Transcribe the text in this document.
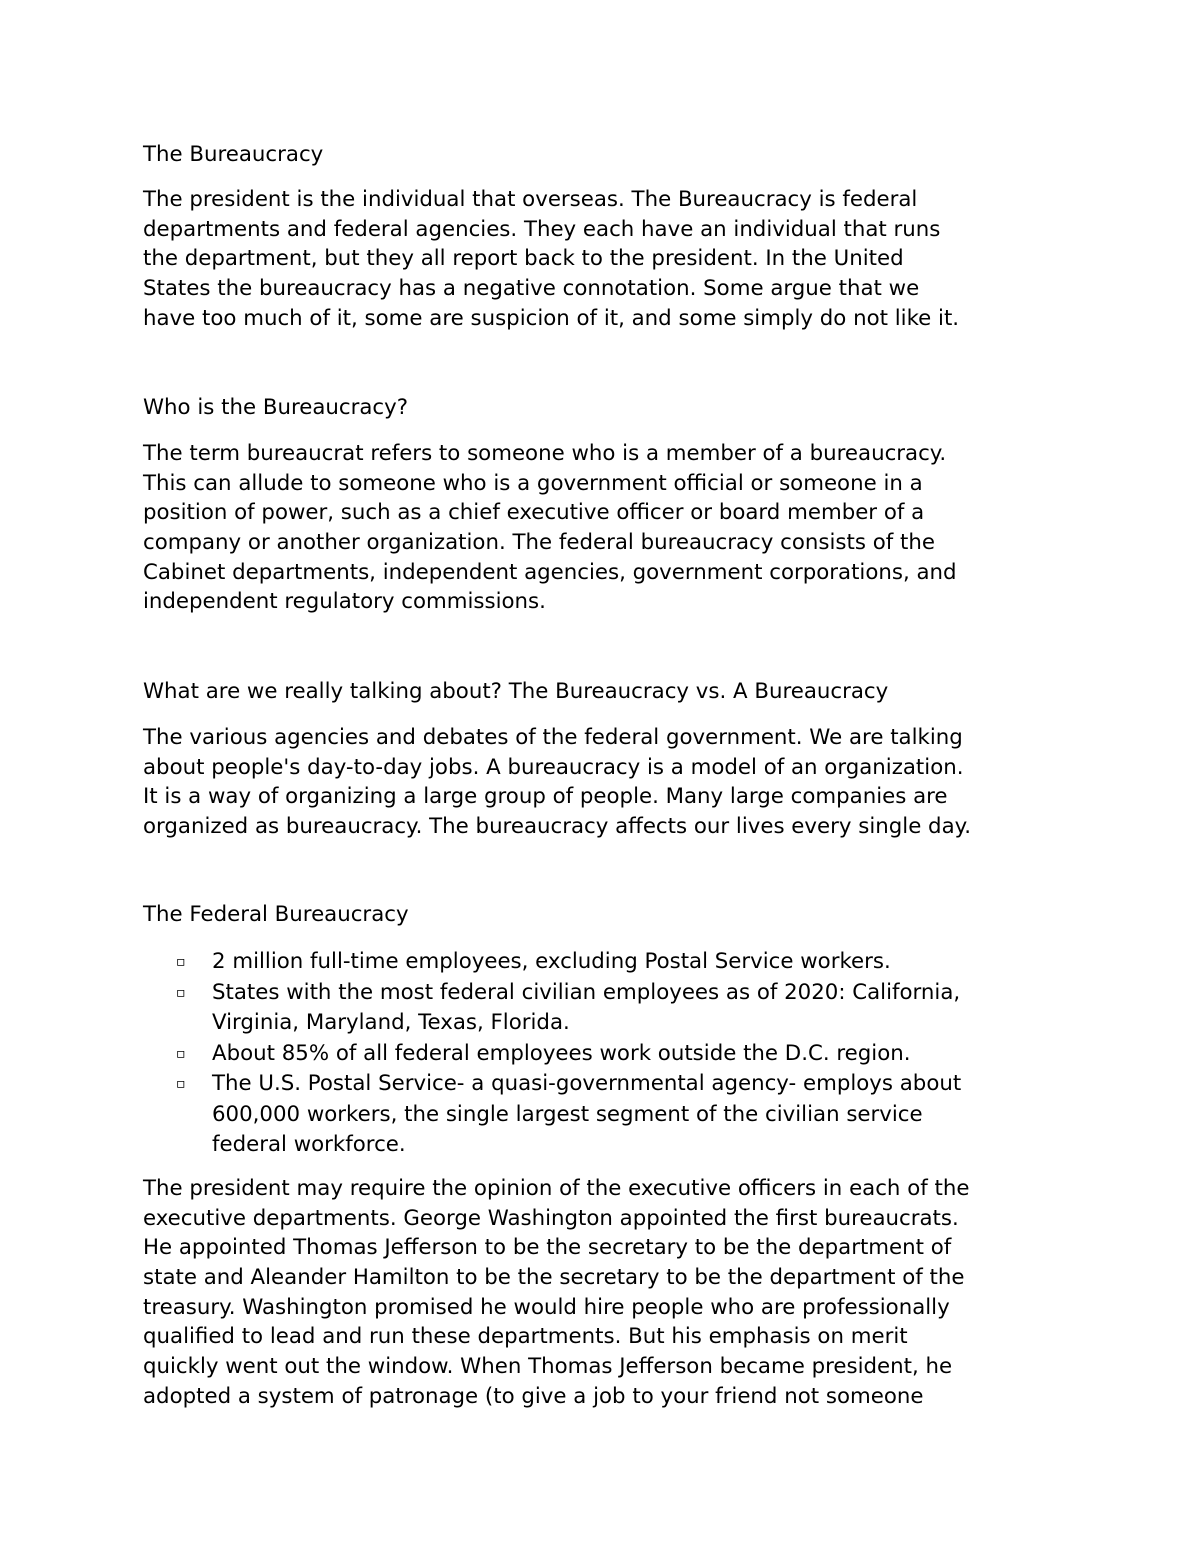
The Bureaucracy
The president is the individual that overseas. The Bureaucracy is federal
departments and federal agencies. They each have an individual that runs
the department, but they all report back to the president. In the United
States the bureaucracy has a negative connotation. Some argue that we
have too much of it, some are suspicion of it, and some simply do not like it.
Who is the Bureaucracy?
The term bureaucrat refers to someone who is a member of a bureaucracy.
This can allude to someone who is a government official or someone in a
position of power, such as a chief executive officer or board member of a
company or another organization. The federal bureaucracy consists of the
Cabinet departments, independent agencies, government corporations, and
independent regulatory commissions.
What are we really talking about? The Bureaucracy vs. A Bureaucracy
The various agencies and debates of the federal government. We are talking
about people's day-to-day jobs. A bureaucracy is a model of an organization.
It is a way of organizing a large group of people. Many large companies are
organized as bureaucracy. The bureaucracy affects our lives every single day.
The Federal Bureaucracy
▫ 2 million full-time employees, excluding Postal Service workers.
▫ States with the most federal civilian employees as of 2020: California,
Virginia, Maryland, Texas, Florida.
▫ About 85% of all federal employees work outside the D.C. region.
▫ The U.S. Postal Service- a quasi-governmental agency- employs about
600,000 workers, the single largest segment of the civilian service
federal workforce.
The president may require the opinion of the executive officers in each of the
executive departments. George Washington appointed the first bureaucrats.
He appointed Thomas Jefferson to be the secretary to be the department of
state and Aleander Hamilton to be the secretary to be the department of the
treasury. Washington promised he would hire people who are professionally
qualified to lead and run these departments. But his emphasis on merit
quickly went out the window. When Thomas Jefferson became president, he
adopted a system of patronage (to give a job to your friend not someone
